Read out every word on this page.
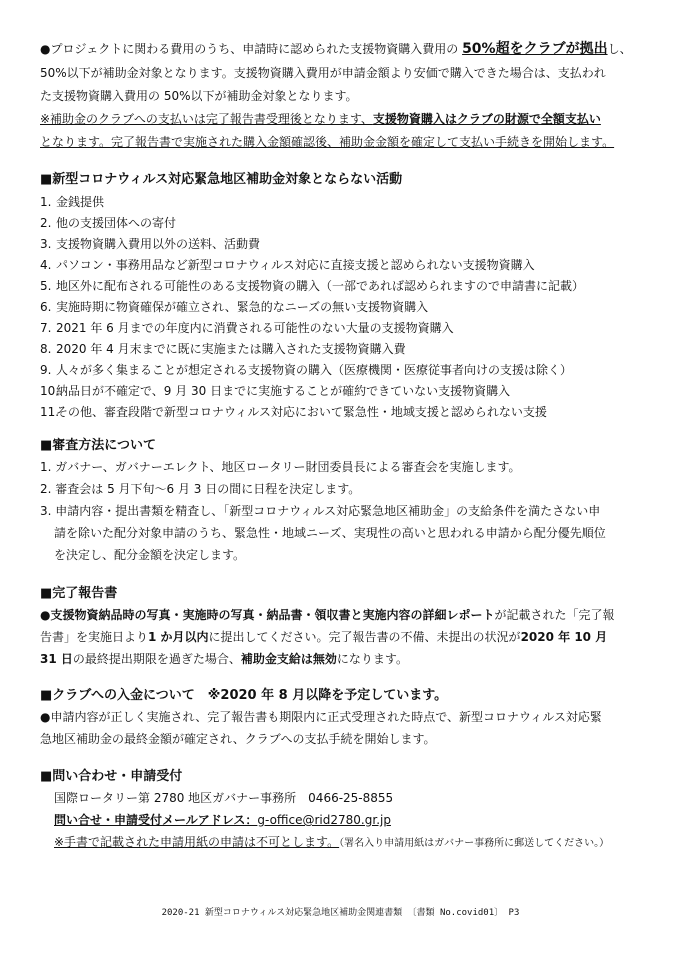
●プロジェクトに関わる費用のうち、申請時に認められた支援物資購入費用の 50%超をクラブが拠出し、
50%以下が補助金対象となります。支援物資購入費用が申請金額より安価で購入できた場合は、支払われ
た支援物資購入費用の 50%以下が補助金対象となります。
※補助金のクラブへの支払いは完了報告書受理後となります、支援物資購入はクラブの財源で全額支払い
となります。完了報告書で実施された購入金額確認後、補助金金額を確定して支払い手続きを開始します。
■新型コロナウィルス対応緊急地区補助金対象とならない活動
1. 金銭提供
2. 他の支援団体への寄付
3. 支援物資購入費用以外の送料、活動費
4. パソコン・事務用品など新型コロナウィルス対応に直接支援と認められない支援物資購入
5. 地区外に配布される可能性のある支援物資の購入（一部であれば認められますので申請書に記載）
6. 実施時期に物資確保が確立され、緊急的なニーズの無い支援物資購入
7. 2021 年 6 月までの年度内に消費される可能性のない大量の支援物資購入
8. 2020 年 4 月末までに既に実施または購入された支援物資購入費
9. 人々が多く集まることが想定される支援物資の購入（医療機関・医療従事者向けの支援は除く）
10.納品日が不確定で、9 月 30 日までに実施することが確約できていない支援物資購入
11.その他、審査段階で新型コロナウィルス対応において緊急性・地域支援と認められない支援
■審査方法について
1. ガバナー、ガバナーエレクト、地区ロータリー財団委員長による審査会を実施します。
2. 審査会は 5 月下旬～6 月 3 日の間に日程を決定します。
3. 申請内容・提出書類を精査し、「新型コロナウィルス対応緊急地区補助金」の支給条件を満たさない申
請を除いた配分対象申請のうち、緊急性・地域ニーズ、実現性の高いと思われる申請から配分優先順位
を決定し、配分金額を決定します。
■完了報告書
●支援物資納品時の写真・実施時の写真・納品書・領収書と実施内容の詳細レポートが記載された「完了報
告書」を実施日より1 か月以内に提出してください。完了報告書の不備、未提出の状況が2020 年 10 月
31 日の最終提出期限を過ぎた場合、補助金支給は無効になります。
■クラブへの入金について　※2020 年 8 月以降を予定しています。
●申請内容が正しく実施され、完了報告書も期限内に正式受理された時点で、新型コロナウィルス対応緊
急地区補助金の最終金額が確定され、クラブへの支払手続を開始します。
■問い合わせ・申請受付
国際ロータリー第 2780 地区ガバナー事務所　0466-25-8855
問い合せ・申請受付メールアドレス：g-office@rid2780.gr.jp
※手書で記載された申請用紙の申請は不可とします。（署名入り申請用紙はガバナー事務所に郵送してください。）
2020-21 新型コロナウィルス対応緊急地区補助金関連書類 〔書類 No.covid01〕 P3
